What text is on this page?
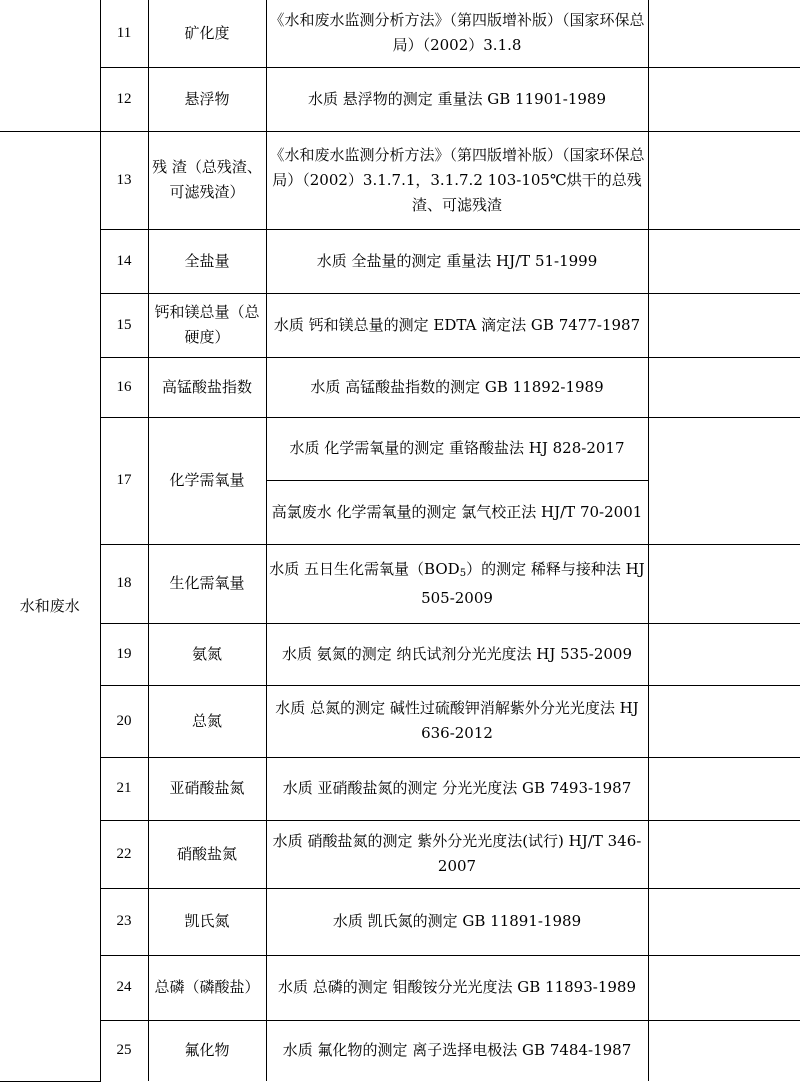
	11	矿化度	《水和废水监测分析方法》（第四版增补版）（国家环保总局）（2002）3.1.8	
	12	悬浮物	水质 悬浮物的测定 重量法 GB 11901-1989	
水和废水	13	残 渣（总残渣、可滤残渣）	《水和废水监测分析方法》（第四版增补版）（国家环保总局）（2002）3.1.7.1，3.1.7.2 103-105℃烘干的总残渣、可滤残渣	
	14	全盐量	水质 全盐量的测定 重量法 HJ/T 51-1999	
	15	钙和镁总量（总硬度）	水质 钙和镁总量的测定 EDTA 滴定法 GB 7477-1987	
	16	高锰酸盐指数	水质 高锰酸盐指数的测定 GB 11892-1989	
	17	化学需氧量	水质 化学需氧量的测定 重铬酸盐法 HJ 828-2017	
			高氯废水 化学需氧量的测定 氯气校正法 HJ/T 70-2001	
	18	生化需氧量	水质 五日生化需氧量$(BOD_5)$的测定 稀释与接种法 HJ 505-2009	
	19	氨氮	水质 氨氮的测定 纳氏试剂分光光度法 HJ 535-2009	
	20	总氮	水质 总氮的测定 碱性过硫酸钾消解紫外分光光度法 HJ 636-2012	
	21	亚硝酸盐氮	水质 亚硝酸盐氮的测定 分光光度法 GB 7493-1987	
	22	硝酸盐氮	水质 硝酸盐氮的测定 紫外分光光度法(试行) HJ/T 346-2007	
	23	凯氏氮	水质 凯氏氮的测定 GB 11891-1989	
	24	总磷（磷酸盐）	水质 总磷的测定 钼酸铵分光光度法 GB 11893-1989	
	25	氟化物	水质 氟化物的测定 离子选择电极法 GB 7484-1987	
